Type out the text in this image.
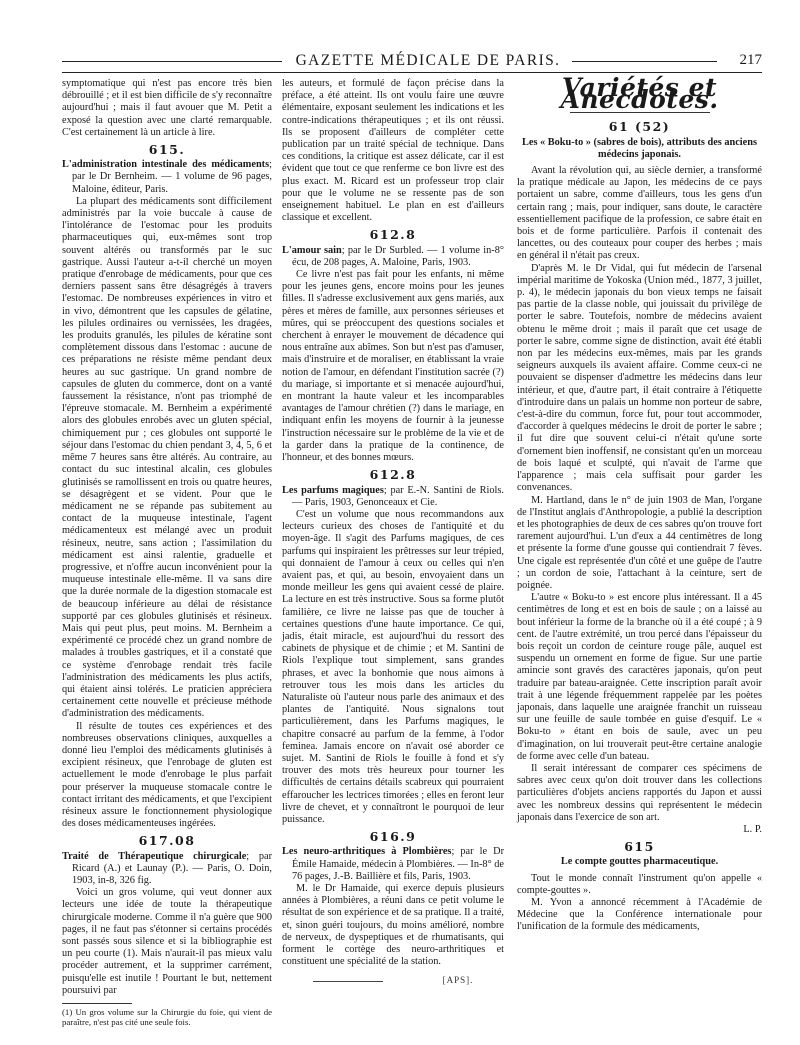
GAZETTE MÉDICALE DE PARIS.	217

symptomatique qui n'est pas encore très bien débrouillé ; et il est bien difficile de s'y reconnaître aujourd'hui ; mais il faut avouer que M. Petit a exposé la question avec une clarté remarquable. C'est certainement là un article à lire.

615.

L'administration intestinale des médicaments; par le Dr Bernheim. — 1 volume de 96 pages, Maloine, éditeur, Paris.

La plupart des médicaments sont difficilement administrés par la voie buccale à cause de l'intolérance de l'estomac pour les produits pharmaceutiques qui, eux-mêmes sont trop souvent altérés ou transformés par le suc gastrique. Aussi l'auteur a-t-il cherché un moyen pratique d'enrobage de médicaments, pour que ces derniers passent sans être désagrégés à travers l'estomac. De nombreuses expériences in vitro et in vivo, démontrent que les capsules de gélatine, les pilules ordinaires ou vernissées, les dragées, les produits granulés, les pilules de kératine sont complètement dissous dans l'estomac : aucune de ces préparations ne résiste même pendant deux heures au suc gastrique. Un grand nombre de capsules de gluten du commerce, dont on a vanté faussement la résistance, n'ont pas triomphé de l'épreuve stomacale. M. Bernheim a expérimenté alors des globules enrobés avec un gluten spécial, chimiquement pur ; ces globules ont supporté le séjour dans l'estomac du chien pendant 3, 4, 5, 6 et même 7 heures sans être altérés. Au contraire, au contact du suc intestinal alcalin, ces globules glutinisés se ramollissent en trois ou quatre heures, se désagrègent et se vident. Pour que le médicament ne se répande pas subitement au contact de la muqueuse intestinale, l'agent médicamenteux est mélangé avec un produit résineux, neutre, sans action ; l'assimilation du médicament est ainsi ralentie, graduelle et progressive, et n'offre aucun inconvénient pour la muqueuse intestinale elle-même. Il va sans dire que la durée normale de la digestion stomacale est de beaucoup inférieure au délai de résistance supporté par ces globules glutinisés et résineux. Mais qui peut plus, peut moins. M. Bernheim a expérimenté ce procédé chez un grand nombre de malades à troubles gastriques, et il a constaté que ce système d'enrobage rendait très facile l'administration des médicaments les plus actifs, qui étaient ainsi tolérés. Le praticien appréciera certainement cette nouvelle et précieuse méthode d'administration des médicaments.

Il résulte de toutes ces expériences et des nombreuses observations cliniques, auxquelles a donné lieu l'emploi des médicaments glutinisés à excipient résineux, que l'enrobage de gluten est actuellement le mode d'enrobage le plus parfait pour préserver la muqueuse stomacale contre le contact irritant des médicaments, et que l'excipient résineux assure le fonctionnement physiologique des doses médicamenteuses ingérées.

617.08

Traité de Thérapeutique chirurgicale; par Ricard (A.) et Launay (P.). — Paris, O. Doin, 1903, in-8, 326 fig.

Voici un gros volume, qui veut donner aux lecteurs une idée de toute la thérapeutique chirurgicale moderne. Comme il n'a guère que 900 pages, il ne faut pas s'étonner si certains procédés sont passés sous silence et si la bibliographie est un peu courte (1). Mais n'aurait-il pas mieux valu procéder autrement, et la supprimer carrément, puisqu'elle est inutile ! Pourtant le but, nettement poursuivi par

(1) Un gros volume sur la Chirurgie du foie, qui vient de paraître, n'est pas cité une seule fois.

les auteurs, et formulé de façon précise dans la préface, a été atteint. Ils ont voulu faire une œuvre élémentaire, exposant seulement les indications et les contre-indications thérapeutiques ; et ils ont réussi. Ils se proposent d'ailleurs de compléter cette publication par un traité spécial de technique. Dans ces conditions, la critique est assez délicate, car il est évident que tout ce que renferme ce bon livre est des plus exact. M. Ricard est un professeur trop clair pour que le volume ne se ressente pas de son enseignement habituel. Le plan en est d'ailleurs classique et excellent.

612.8

L'amour sain; par le Dr Surbled. — 1 volume in-8° écu, de 208 pages, A. Maloine, Paris, 1903.

Ce livre n'est pas fait pour les enfants, ni même pour les jeunes gens, encore moins pour les jeunes filles. Il s'adresse exclusivement aux gens mariés, aux pères et mères de famille, aux personnes sérieuses et mûres, qui se préoccupent des questions sociales et cherchent à enrayer le mouvement de décadence qui nous entraîne aux abîmes. Son but n'est pas d'amuser, mais d'instruire et de moraliser, en établissant la vraie notion de l'amour, en défendant l'institution sacrée (?) du mariage, si importante et si menacée aujourd'hui, en montrant la haute valeur et les incomparables avantages de l'amour chrétien (?) dans le mariage, en indiquant enfin les moyens de fournir à la jeunesse l'instruction nécessaire sur le problème de la vie et de la garder dans la pratique de la continence, de l'honneur, et des bonnes mœurs.

612.8

Les parfums magiques; par E.-N. Santini de Riols. — Paris, 1903, Genonceaux et Cie.

C'est un volume que nous recommandons aux lecteurs curieux des choses de l'antiquité et du moyen-âge. Il s'agit des Parfums magiques, de ces parfums qui inspiraient les prêtresses sur leur trépied, qui donnaient de l'amour à ceux ou celles qui n'en avaient pas, et qui, au besoin, envoyaient dans un monde meilleur les gens qui avaient cessé de plaire. La lecture en est très instructive. Sous sa forme plutôt familière, ce livre ne laisse pas que de toucher à certaines questions d'une haute importance. Ce qui, jadis, était miracle, est aujourd'hui du ressort des cabinets de physique et de chimie ; et M. Santini de Riols l'explique tout simplement, sans grandes phrases, et avec la bonhomie que nous aimons à retrouver tous les mois dans les articles du Naturaliste où l'auteur nous parle des animaux et des plantes de l'antiquité. Nous signalons tout particulièrement, dans les Parfums magiques, le chapitre consacré au parfum de la femme, à l'odor feminea. Jamais encore on n'avait osé aborder ce sujet. M. Santini de Riols le fouille à fond et s'y trouver des mots très heureux pour tourner les difficultés de certains détails scabreux qui pourraient effaroucher les lectrices timorées ; elles en feront leur livre de chevet, et y connaîtront le pourquoi de leur puissance.

616.9

Les neuro-arthritiques à Plombières; par le Dr Émile Hamaide, médecin à Plombières. — In-8° de 76 pages, J.-B. Baillière et fils, Paris, 1903.

M. le Dr Hamaide, qui exerce depuis plusieurs années à Plombières, a réuni dans ce petit volume le résultat de son expérience et de sa pratique. Il a traité, et, sinon guéri toujours, du moins amélioré, nombre de nerveux, de dyspeptiques et de rhumatisants, qui forment le cortège des neuro-arthritiques et constituent une spécialité de la station.

[APS].
Variétés et Anecdotes.
61 (52)
Les « Boku-to » (sabres de bois), attributs des anciens médecins japonais.

Avant la révolution qui, au siècle dernier, a transformé la pratique médicale au Japon, les médecins de ce pays portaient un sabre, comme d'ailleurs, tous les gens d'un certain rang ; mais, pour indiquer, sans doute, le caractère essentiellement pacifique de la profession, ce sabre était en bois et de forme particulière. Parfois il contenait des lancettes, ou des couteaux pour couper des herbes ; mais en général il n'était pas creux.

D'après M. le Dr Vidal, qui fut médecin de l'arsenal impérial maritime de Yokoska (Union méd., 1877, 3 juillet, p. 4), le médecin japonais du bon vieux temps ne faisait pas partie de la classe noble, qui jouissait du privilège de porter le sabre. Toutefois, nombre de médecins avaient obtenu le même droit ; mais il paraît que cet usage de porter le sabre, comme signe de distinction, avait été établi non par les médecins eux-mêmes, mais par les grands seigneurs auxquels ils avaient affaire. Comme ceux-ci ne pouvaient se dispenser d'admettre les médecins dans leur intérieur, et que, d'autre part, il était contraire à l'étiquette d'introduire dans un palais un homme non porteur de sabre, c'est-à-dire du commun, force fut, pour tout accommoder, d'accorder à quelques médecins le droit de porter le sabre ; il fut dire que souvent celui-ci n'était qu'une sorte d'ornement bien inoffensif, ne consistant qu'en un morceau de bois laqué et sculpté, qui n'avait de l'arme que l'apparence ; mais cela suffisait pour garder les convenances.

M. Hartland, dans le n° de juin 1903 de Man, l'organe de l'Institut anglais d'Anthropologie, a publié la description et les photographies de deux de ces sabres qu'on trouve fort rarement aujourd'hui. L'un d'eux a 44 centimètres de long et présente la forme d'une gousse qui contiendrait 7 fèves. Une cigale est représentée d'un côté et une guêpe de l'autre ; un cordon de soie, l'attachant à la ceinture, sert de poignée.

L'autre « Boku-to » est encore plus intéressant. Il a 45 centimètres de long et est en bois de saule ; on a laissé au bout inférieur la forme de la branche où il a été coupé ; à 9 cent. de l'autre extrémité, un trou percé dans l'épaisseur du bois reçoit un cordon de ceinture rouge pâle, auquel est suspendu un ornement en forme de figue. Sur une partie amincie sont gravés des caractères japonais, qu'on peut traduire par bateau-araignée. Cette inscription paraît avoir trait à une légende fréquemment rappelée par les poètes japonais, dans laquelle une araignée franchit un ruisseau sur une feuille de saule tombée en guise d'esquif. Le « Boku-to » étant en bois de saule, avec un peu d'imagination, on lui trouverait peut-être certaine analogie de forme avec celle d'un bateau.

Il serait intéressant de comparer ces spécimens de sabres avec ceux qu'on doit trouver dans les collections particulières d'objets anciens rapportés du Japon et aussi avec les nombreux dessins qui représentent le médecin japonais dans l'exercice de son art.

L. P.
615
Le compte gouttes pharmaceutique.

Tout le monde connaît l'instrument qu'on appelle « compte-gouttes ».

M. Yvon a annoncé récemment à l'Académie de Médecine que la Conférence internationale pour l'unification de la formule des médicaments,
